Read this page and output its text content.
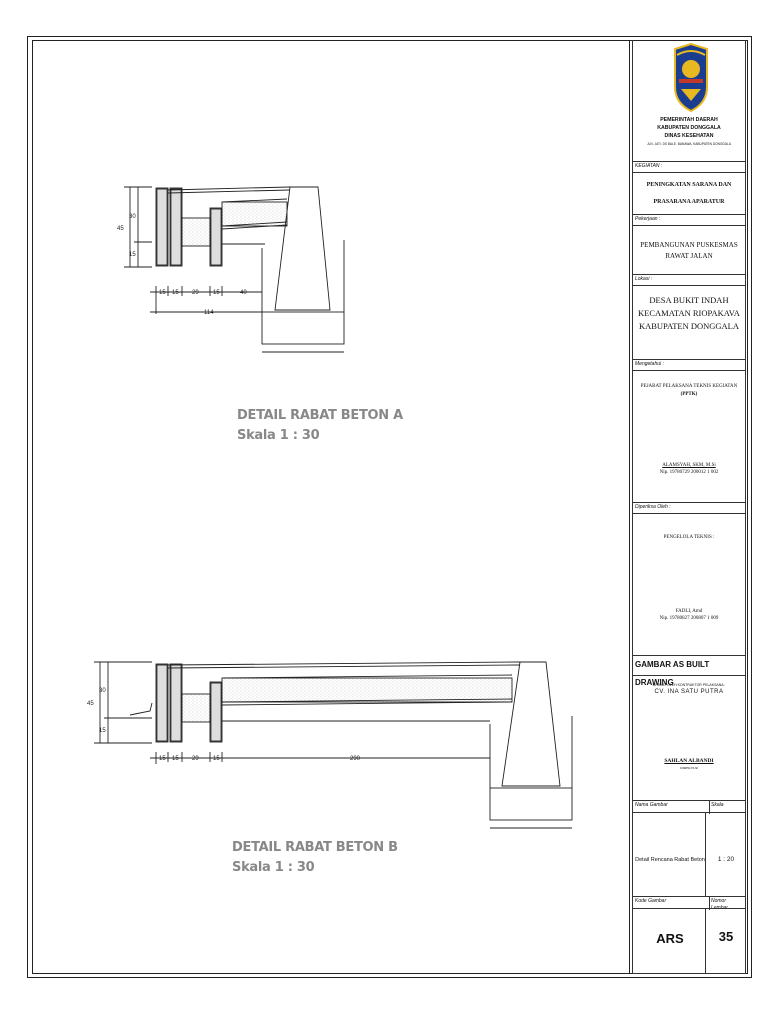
45
30
15
15 15 29 15	40
114
45
30
15
15 15 29 15	290
DETAIL RABAT BETON A
Skala 1 : 30
DETAIL RABAT BETON B
Skala 1 : 30
PEMERINTAH DAERAH
KABUPATEN DONGGALA
DINAS KESEHATAN
JLN. JATI. DS BALE. BANAWA. KABUPATEN DONGGALA
KEGIATAN :
PENINGKATAN SARANA DAN
PRASARANA APARATUR
Pekerjaan :
PEMBANGUNAN PUSKESMAS
RAWAT JALAN
Lokasi :
DESA BUKIT INDAH
KECAMATAN RIOPAKAVA
KABUPATEN DONGGALA
Mengetahui :
PEJABAT PELAKSANA TEKNIS KEGIATAN
(PPTK)
ALAMSYAH, SKM, M.Si
Nip. 19780729 200012 1 002
Diperiksa Oleh :
PENGELOLA TEKNIS :
FADLI, Amd
Nip. 19780827 200807 1 009
GAMBAR AS BUILT DRAWING
DI BUAT OLEH KONTRAKTOR PELAKSANA :
CV. INA SATU PUTRA
SAHLAN ALBANDI
DIREKTUR
Nama Gambar	Skala
Detail Rencana Rabat Beton	1 : 20
Kode Gambar	Nomor Lembar
ARS	35
